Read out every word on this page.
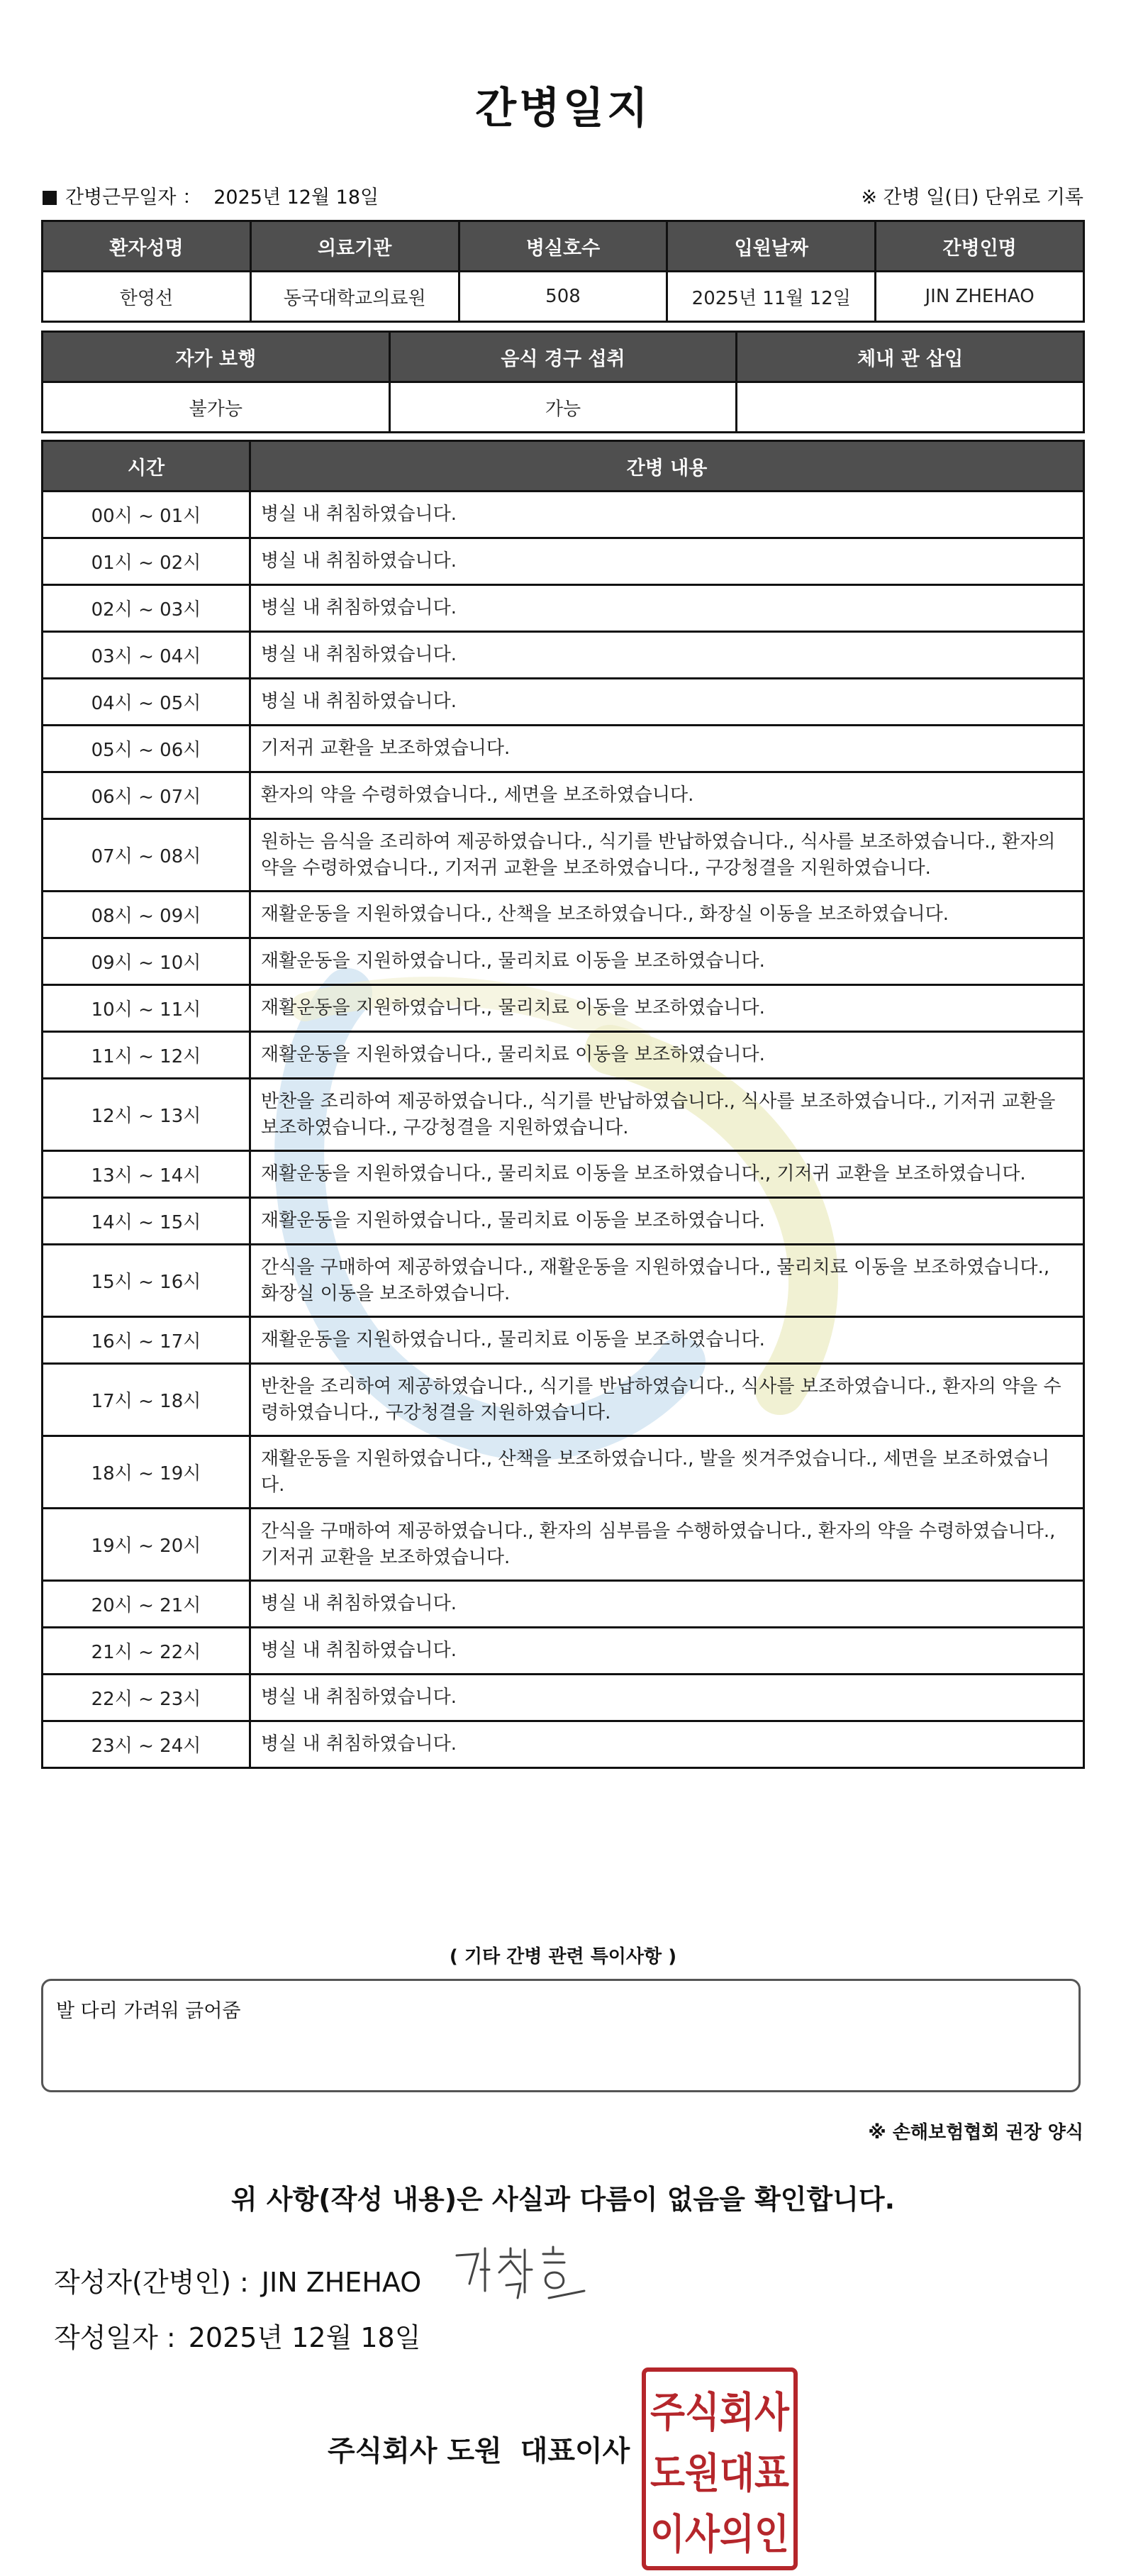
간병일지
간병근무일자 ： 2025년 12월 18일	※ 간병 일(日) 단위로 기록
환자성명	의료기관	병실호수	입원날짜	간병인명
한영선	동국대학교의료원	508	2025년 11월 12일	JIN ZHEHAO
자가 보행	음식 경구 섭취	체내 관 삽입
불가능	가능	
시간	간병 내용
00시 ~ 01시	병실 내 취침하였습니다.
01시 ~ 02시	병실 내 취침하였습니다.
02시 ~ 03시	병실 내 취침하였습니다.
03시 ~ 04시	병실 내 취침하였습니다.
04시 ~ 05시	병실 내 취침하였습니다.
05시 ~ 06시	기저귀 교환을 보조하였습니다.
06시 ~ 07시	환자의 약을 수령하였습니다., 세면을 보조하였습니다.
07시 ~ 08시	원하는 음식을 조리하여 제공하였습니다., 식기를 반납하였습니다., 식사를 보조하였습니다., 환자의 약을 수령하였습니다., 기저귀 교환을 보조하였습니다., 구강청결을 지원하였습니다.
08시 ~ 09시	재활운동을 지원하였습니다., 산책을 보조하였습니다., 화장실 이동을 보조하였습니다.
09시 ~ 10시	재활운동을 지원하였습니다., 물리치료 이동을 보조하였습니다.
10시 ~ 11시	재활운동을 지원하였습니다., 물리치료 이동을 보조하였습니다.
11시 ~ 12시	재활운동을 지원하였습니다., 물리치료 이동을 보조하였습니다.
12시 ~ 13시	반찬을 조리하여 제공하였습니다., 식기를 반납하였습니다., 식사를 보조하였습니다., 기저귀 교환을 보조하였습니다., 구강청결을 지원하였습니다.
13시 ~ 14시	재활운동을 지원하였습니다., 물리치료 이동을 보조하였습니다., 기저귀 교환을 보조하였습니다.
14시 ~ 15시	재활운동을 지원하였습니다., 물리치료 이동을 보조하였습니다.
15시 ~ 16시	간식을 구매하여 제공하였습니다., 재활운동을 지원하였습니다., 물리치료 이동을 보조하였습니다., 화장실 이동을 보조하였습니다.
16시 ~ 17시	재활운동을 지원하였습니다., 물리치료 이동을 보조하였습니다.
17시 ~ 18시	반찬을 조리하여 제공하였습니다., 식기를 반납하였습니다., 식사를 보조하였습니다., 환자의 약을 수령하였습니다., 구강청결을 지원하였습니다.
18시 ~ 19시	재활운동을 지원하였습니다., 산책을 보조하였습니다., 발을 씻겨주었습니다., 세면을 보조하였습니다.
19시 ~ 20시	간식을 구매하여 제공하였습니다., 환자의 심부름을 수행하였습니다., 환자의 약을 수령하였습니다., 기저귀 교환을 보조하였습니다.
20시 ~ 21시	병실 내 취침하였습니다.
21시 ~ 22시	병실 내 취침하였습니다.
22시 ~ 23시	병실 내 취침하였습니다.
23시 ~ 24시	병실 내 취침하였습니다.
( 기타 간병 관련 특이사항 )
발 다리 가려워 긁어줌
※ 손해보험협회 권장 양식
위 사항(작성 내용)은 사실과 다름이 없음을 확인합니다.
작성자(간병인) : JIN ZHEHAO
작성일자 : 2025년 12월 18일
주식회사 도원 대표이사
주식회사
도원대표
이사의인
